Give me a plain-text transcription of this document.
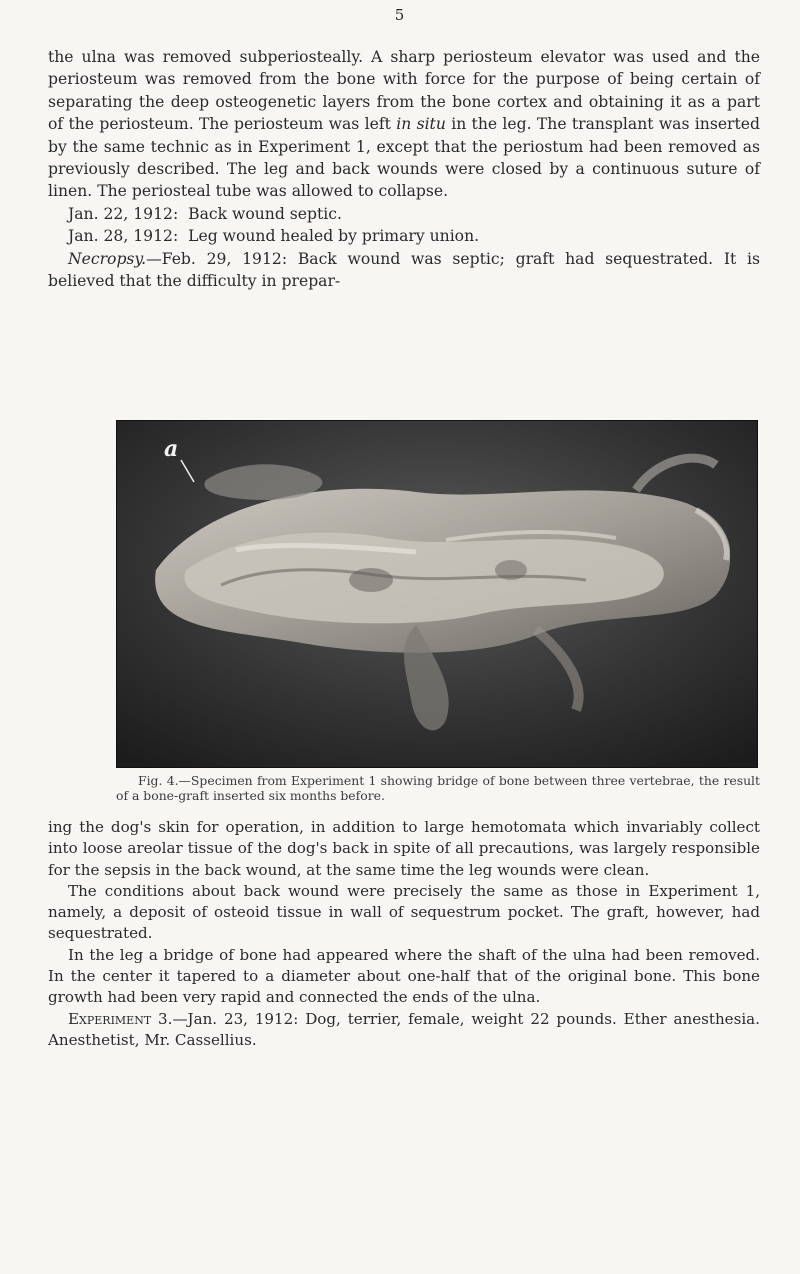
5

the ulna was removed subperiosteally. A sharp periosteum elevator was used and the periosteum was removed from the bone with force for the purpose of being certain of separating the deep osteogenetic layers from the bone cortex and obtaining it as a part of the periosteum. The periosteum was left in situ in the leg. The transplant was inserted by the same technic as in Experiment 1, except that the periostum had been removed as previously described. The leg and back wounds were closed by a continuous suture of linen. The periosteal tube was allowed to collapse.

Jan. 22, 1912: Back wound septic.

Jan. 28, 1912: Leg wound healed by primary union.

Necropsy.—Feb. 29, 1912: Back wound was septic; graft had sequestrated. It is believed that the difficulty in prepar-

a
Fig. 4.—Specimen from Experiment 1 showing bridge of bone between three vertebrae, the result of a bone-graft inserted six months before.

ing the dog's skin for operation, in addition to large hemotomata which invariably collect into loose areolar tissue of the dog's back in spite of all precautions, was largely responsible for the sepsis in the back wound, at the same time the leg wounds were clean.

The conditions about back wound were precisely the same as those in Experiment 1, namely, a deposit of osteoid tissue in wall of sequestrum pocket. The graft, however, had sequestrated.

In the leg a bridge of bone had appeared where the shaft of the ulna had been removed. In the center it tapered to a diameter about one-half that of the original bone. This bone growth had been very rapid and connected the ends of the ulna.

Experiment 3.—Jan. 23, 1912: Dog, terrier, female, weight 22 pounds. Ether anesthesia. Anesthetist, Mr. Cassellius.
